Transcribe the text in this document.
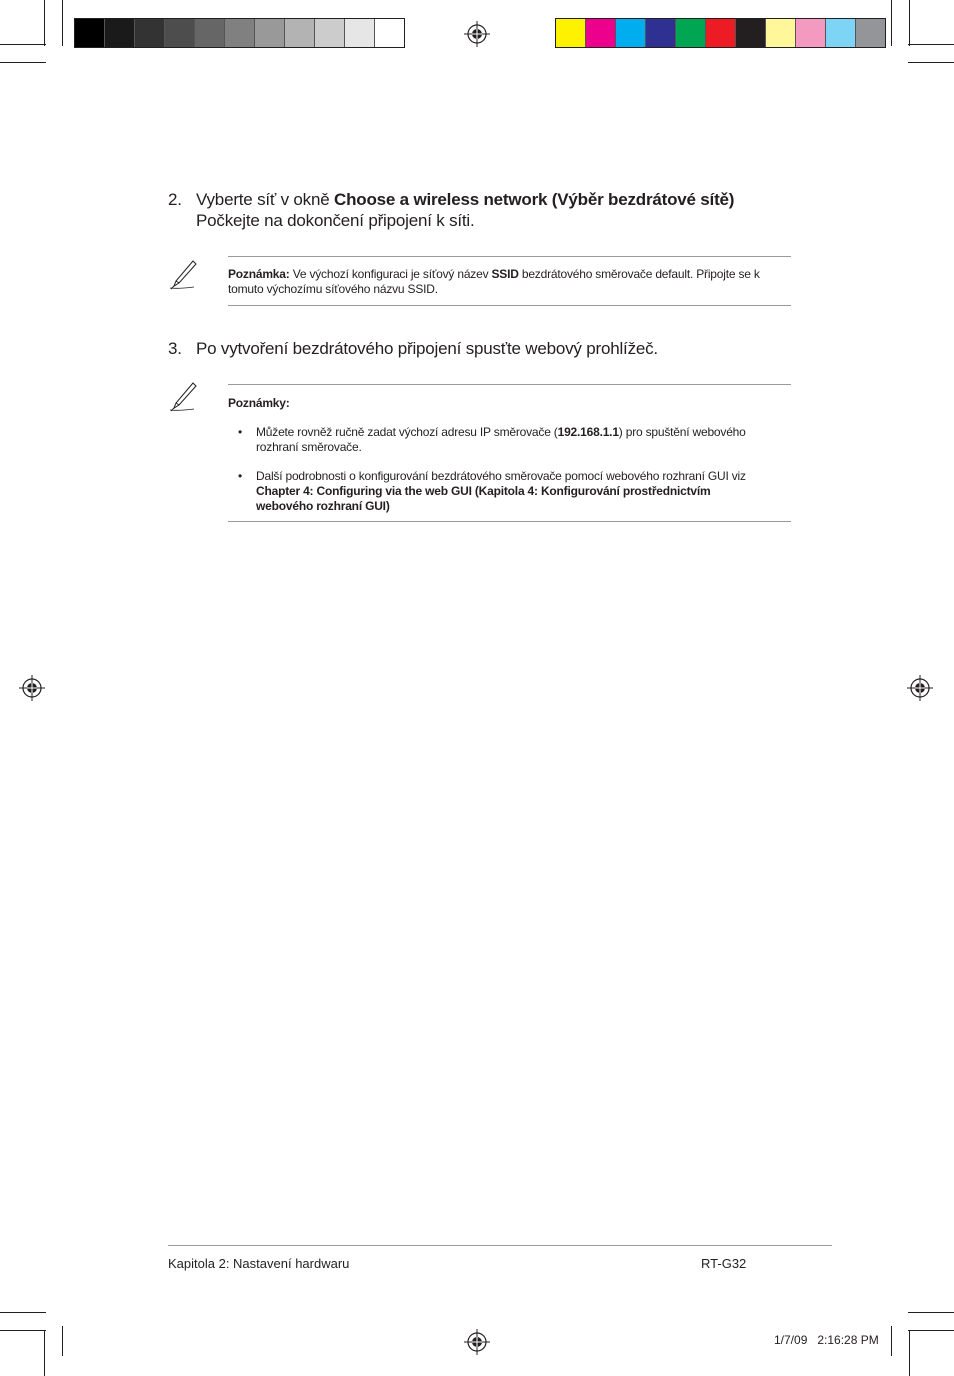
2. Vyberte síť v okně Choose a wireless network (Výběr bezdrátové sítě)
Počkejte na dokončení připojení k síti.
Poznámka: Ve výchozí konfiguraci je síťový název SSID bezdrátového směrovače default. Připojte se k tomuto výchozímu síťového názvu SSID.
3. Po vytvoření bezdrátového připojení spusťte webový prohlížeč.
Poznámky:
• Můžete rovněž ručně zadat výchozí adresu IP směrovače (192.168.1.1) pro spuštění webového rozhraní směrovače.
• Další podrobnosti o konfigurování bezdrátového směrovače pomocí webového rozhraní GUI viz Chapter 4: Configuring via the web GUI (Kapitola 4: Konfigurování prostřednictvím webového rozhraní GUI)
Kapitola 2: Nastavení hardwaru	RT-G32
1/7/09   2:16:28 PM
